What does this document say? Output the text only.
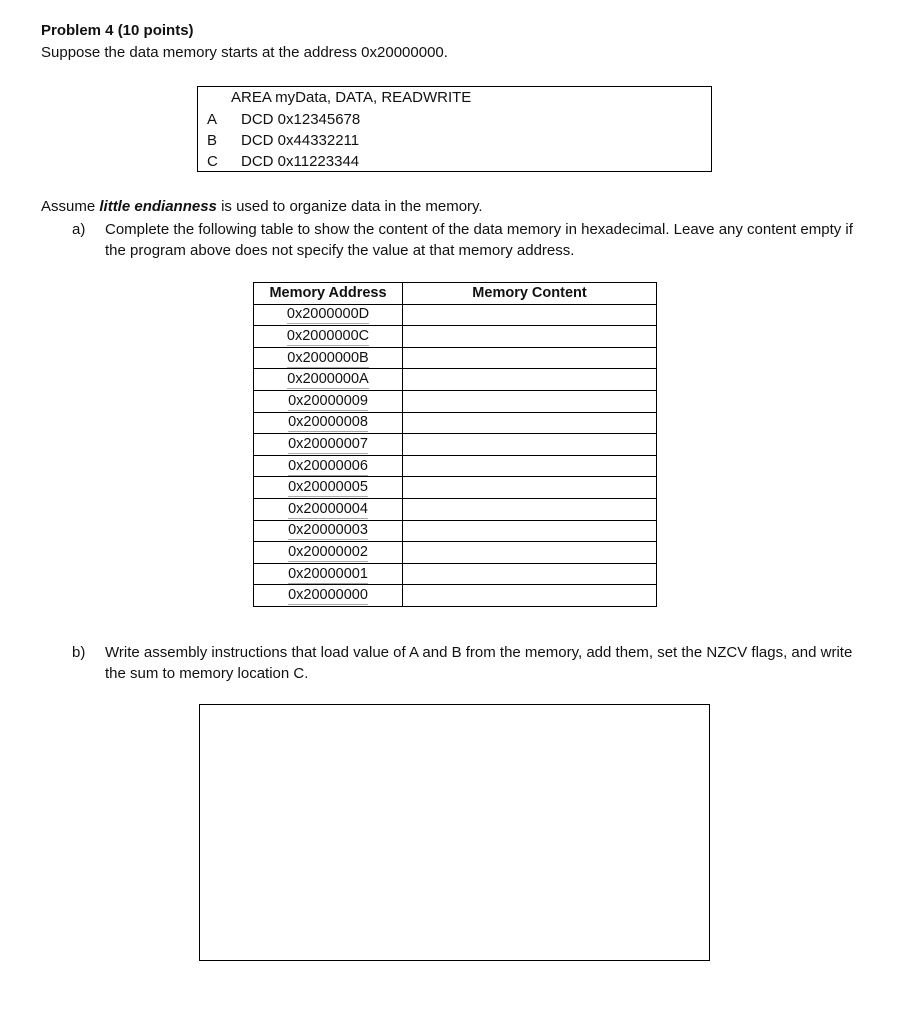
Problem 4 (10 points)
Suppose the data memory starts at the address 0x20000000.
AREA myData, DATA, READWRITE
A DCD 0x12345678
B DCD 0x44332211
C DCD 0x11223344
Assume little endianness is used to organize data in the memory.
a) Complete the following table to show the content of the data memory in hexadecimal. Leave any content empty if the program above does not specify the value at that memory address.
Memory Address	Memory Content
0x2000000D	
0x2000000C	
0x2000000B	
0x2000000A	
0x20000009	
0x20000008	
0x20000007	
0x20000006	
0x20000005	
0x20000004	
0x20000003	
0x20000002	
0x20000001	
0x20000000	
b) Write assembly instructions that load value of A and B from the memory, add them, set the NZCV flags, and write the sum to memory location C.
